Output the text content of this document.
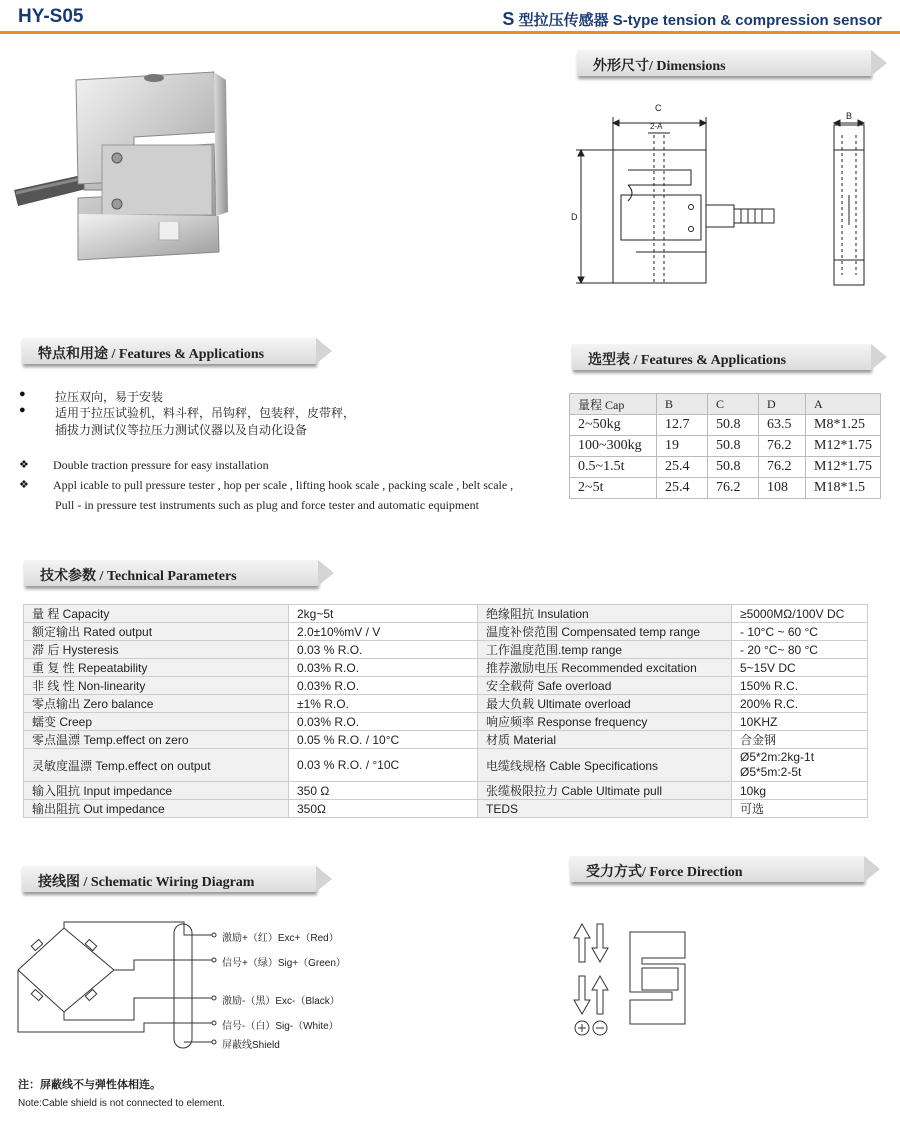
HY-S05	S 型拉压传感器 S-type tension & compression sensor
外形尺寸/ Dimensions
C
2-A
D
B
特点和用途 / Features & Applications
● 拉压双向，易于安装
● 适用于拉压试验机，料斗秤，吊钩秤，包装秤，皮带秤，
插拔力测试仪等拉压力测试仪器以及自动化设备
❖ Double traction pressure for easy installation
❖ Appl icable to pull pressure tester , hop per scale , lifting hook scale , packing scale , belt scale ,
Pull - in pressure test instruments such as plug and force tester and automatic equipment
选型表 / Features & Applications
量程 Cap	B	C	D	A
2~50kg	12.7	50.8	63.5	M8*1.25
100~300kg	19	50.8	76.2	M12*1.75
0.5~1.5t	25.4	50.8	76.2	M12*1.75
2~5t	25.4	76.2	108	M18*1.5
技术参数 / Technical Parameters
量 程 Capacity	2kg~5t	绝缘阻抗 Insulation	≥5000MΩ/100V DC
额定输出 Rated output	2.0±10%mV / V	温度补偿范围 Compensated temp range	- 10°C ~ 60 °C
滞 后 Hysteresis	0.03 % R.O.	工作温度范围.temp range	- 20 °C~ 80 °C
重 复 性 Repeatability	0.03% R.O.	推荐激励电压 Recommended excitation	5~15V DC
非 线 性 Non-linearity	0.03% R.O.	安全载荷 Safe overload	150% R.C.
零点输出 Zero balance	±1% R.O.	最大负载 Ultimate overload	200% R.C.
蠕变 Creep	0.03% R.O.	响应频率 Response frequency	10KHZ
零点温漂 Temp.effect on zero	0.05 % R.O. / 10°C	材质 Material	合金钢
灵敏度温漂 Temp.effect on output	0.03 % R.O. / °10C	电缆线规格 Cable Specifications	Ø5*2m:2kg-1t
Ø5*5m:2-5t
输入阻抗 Input impedance	350 Ω	张缆极限拉力 Cable Ultimate pull	10kg
输出阻抗 Out impedance	350Ω	TEDS	可选
接线图 / Schematic Wiring Diagram
激励+（红）Exc+（Red）
信号+（绿）Sig+（Green）
激励-（黑）Exc-（Black）
信号-（白）Sig-（White）
屏蔽线Shield
注：屏蔽线不与弹性体相连。
Note:Cable shield is not connected to element.
受力方式/ Force Direction
